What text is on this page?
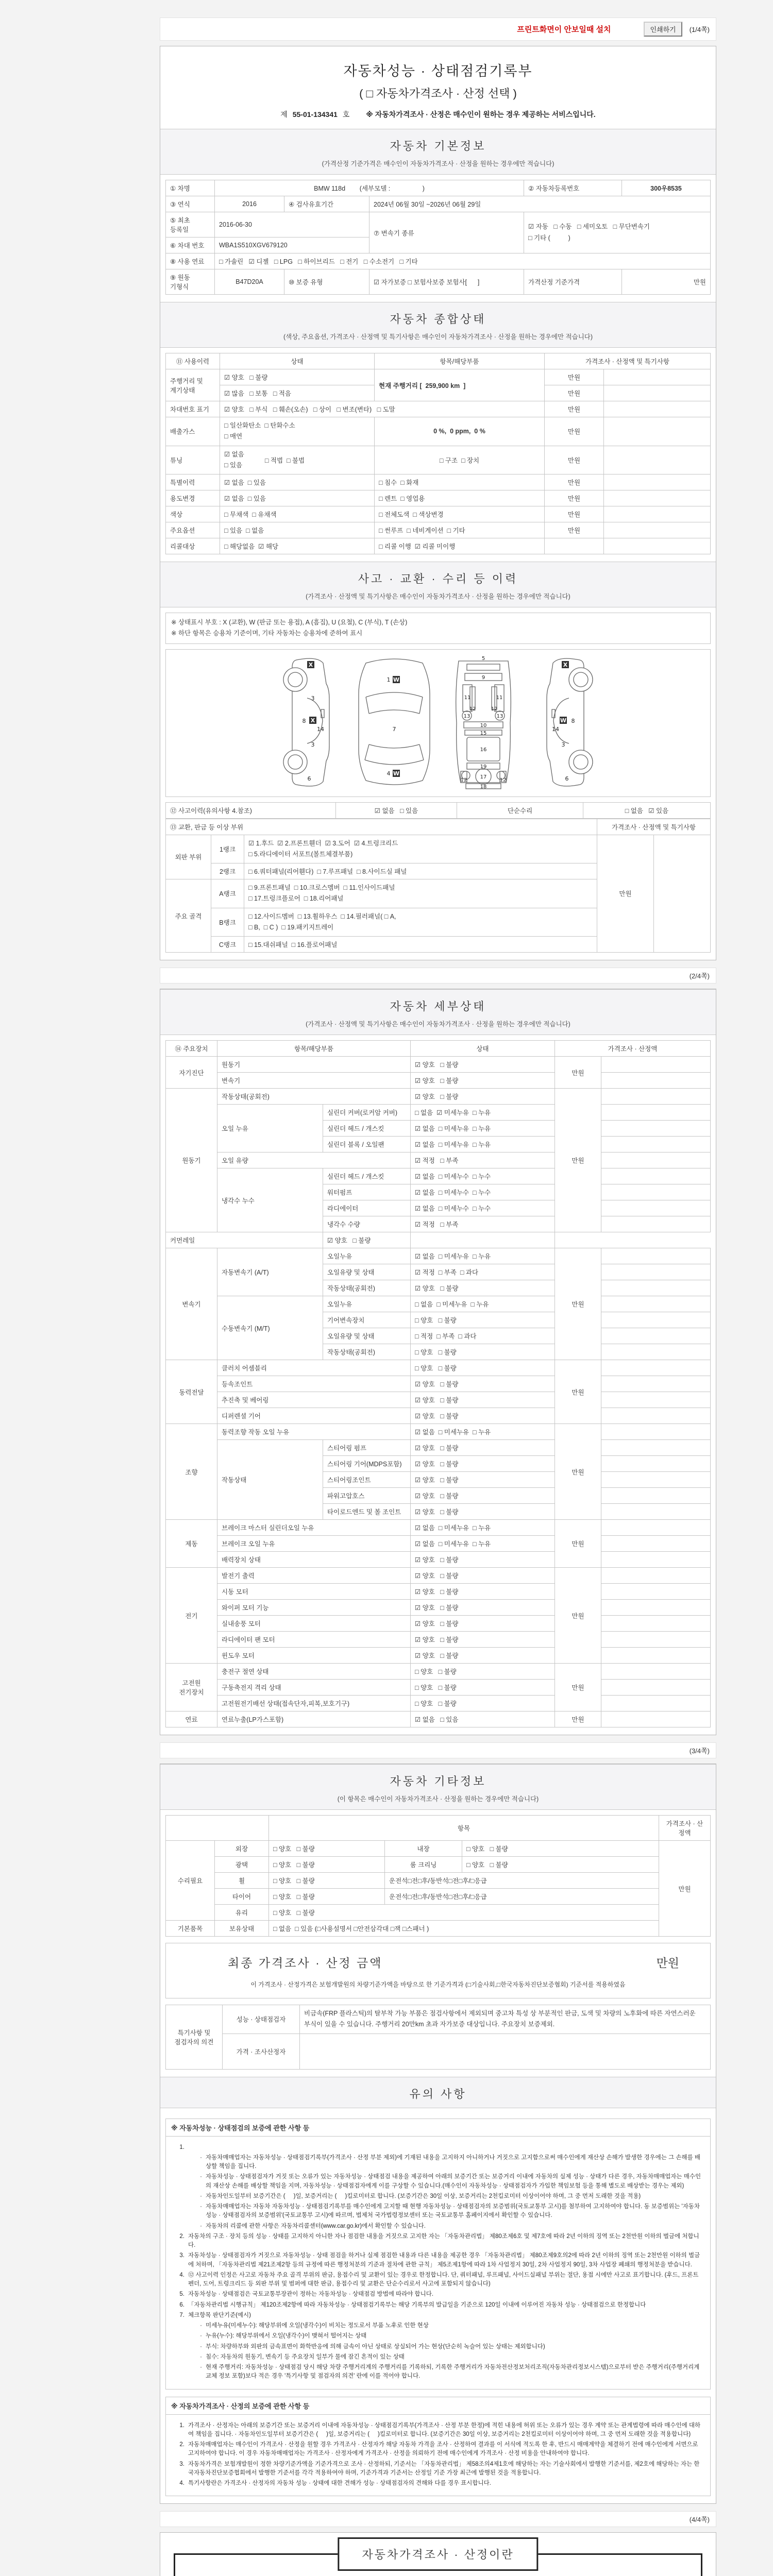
프린트화면이 안보일때 설치	인쇄하기	(1/4쪽)
자동차성능 · 상태점검기록부
( □ 자동차가격조사 · 산정 선택 )
제 55-01-134341 호 ※ 자동차가격조사 · 산정은 매수인이 원하는 경우 제공하는 서비스입니다.
자동차 기본정보
(가격산정 기준가격은 매수인이 자동차가격조사 · 산정을 원하는 경우에만 적습니다)
① 차명	BMW 118d        (세부모델 :                  )			② 자동차등록번호	300우8535
③ 연식	2016	④ 검사유효기간	2024년 06월 30일 ~2026년 06월 29일		
⑤ 최초 등록일	2016-06-30		⑦ 변속기 종류	☑ 자동   □ 수동   □ 세미오토   □ 무단변속기
□ 기타 (          )	

⑥ 차대 번호	WBA1S510XGV679120				
⑧ 사용 연료	□ 가솔린   ☑ 디젤   □ LPG   □ 하이브리드   □ 전기   □ 수소전기   □ 기타				
⑨ 원동 기형식	B47D20A	⑩ 보증 유형	☑ 자가보증 □ 보험사보증 보험사[      ]	가격산정 기준가격	만원
자동차 종합상태
(색상, 주요옵션, 가격조사 · 산정액 및 특기사항은 매수인이 자동차가격조사 · 산정을 원하는 경우에만 적습니다)
⑪ 사용이력	상태	항목/해당부품	가격조사 · 산정액 및 특기사항	
주행거리 및 계기상태	☑ 양호   □ 불량	현재 주행거리 [  259,900 km  ]	만원	
	☑ 많음   □ 보통   □ 적음		만원	
차대번호 표기	☑ 양호   □ 부식   □ 훼손(오손)   □ 상이   □ 변조(변타)   □ 도말		만원	
배출가스	□ 일산화탄소  □ 탄화수소
□ 매연	0 %,  0 ppm,  0 %	만원	
튜닝	☑ 없음
□ 있음
□ 적법  □ 불법	□ 구조  □ 장치	만원	
특별이력	☑ 없음  □ 있음	□ 침수  □ 화재	만원	
용도변경	☑ 없음  □ 있음	□ 렌트  □ 영업용	만원	
색상	□ 무채색  □ 유채색	□ 전체도색  □ 색상변경	만원	
주요옵션	□ 있음  □ 없음	□ 썬루프  □ 네비게이션  □ 기타	만원	
리콜대상	□ 해당없음  ☑ 해당	□ 리콜 이행  ☑ 리콜 미이행		
사고 · 교환 · 수리 등 이력
(가격조사 · 산정액 및 특기사항은 매수인이 자동차가격조사 · 산정을 원하는 경우에만 적습니다)
※ 상태표시 부호 : X (교환), W (판금 또는 용접), A (흠집), U (요철), C (부식), T (손상)
※ 하단 항목은 승용차 기준이며, 기타 자동차는 승용차에 준하여 표시
X
3
8 X
14
3
6
1 W
7
4 W
5
9
11	11
12	12
13	13
10
15
16
19
17
12	12
18
X
8
W
14
3
6
⑫ 사고이력(유의사항 4.참조)	☑ 없음   □ 있음	단순수리	□ 없음   ☑ 있음
⑬ 교환, 판금 등 이상 부위			가격조사 · 산정액 및 특기사항	
외판 부위	1랭크	☑ 1.후드  ☑ 2.프론트휀더  ☑ 3.도어  ☑ 4.트렁크리드
□ 5.라디에이터 서포트(볼트체결부품)	만원	
	2랭크	□ 6.쿼터패널(리어휀다)  □ 7.루프패널  □ 8.사이드실 패널		
주요 골격	A랭크	□ 9.프론트패널  □ 10.크로스멤버  □ 11.인사이드패널
□ 17.트렁크플로어  □ 18.리어패널		

	B랭크	□ 12.사이드멤버  □ 13.휠하우스  □ 14.필러패널( □ A,
□ B,  □ C )  □ 19.패키지트레이		

	C랭크	□ 15.대쉬패널  □ 16.플로어패널		
(2/4쪽)
자동차 세부상태
(가격조사 · 산정액 및 특기사항은 매수인이 자동차가격조사 · 산정을 원하는 경우에만 적습니다)
⑭ 주요장치	항목/해당부품		상태	가격조사 · 산정액	
자기진단	원동기		☑ 양호   □ 불량	만원	
	변속기		☑ 양호   □ 불량		
원동기	작동상태(공회전)		☑ 양호   □ 불량	만원	
	오일 누유	실린더 커버(로커암 커버)	□ 없음  ☑ 미세누유  □ 누유		
		실린더 헤드 / 개스킷	☑ 없음  □ 미세누유  □ 누유		
		실린더 블록 / 오일팬	☑ 없음  □ 미세누유  □ 누유		
	오일 유량		☑ 적정   □ 부족		
	냉각수 누수	실린더 헤드 / 개스킷	☑ 없음  □ 미세누수  □ 누수		
		워터펌프	☑ 없음  □ 미세누수  □ 누수		
		라디에이터	☑ 없음  □ 미세누수  □ 누수		
		냉각수 수량	☑ 적정   □ 부족		
커먼레일		☑ 양호   □ 불량			
변속기	자동변속기 (A/T)	오일누유	☑ 없음  □ 미세누유  □ 누유	만원	
		오일유량 및 상태	☑ 적정  □ 부족  □ 과다		
		작동상태(공회전)	☑ 양호   □ 불량		
	수동변속기 (M/T)	오일누유	□ 없음  □ 미세누유  □ 누유		
		기어변속장치	□ 양호   □ 불량		
		오일유량 및 상태	□ 적정  □ 부족  □ 과다		
		작동상태(공회전)	□ 양호   □ 불량		
동력전달	클러치 어셈블리		□ 양호   □ 불량	만원	
	등속조인트		☑ 양호   □ 불량		
	추진축 및 베어링		☑ 양호   □ 불량		
	디퍼렌셜 기어		☑ 양호   □ 불량		
조향	동력조향 작동 오일 누유		☑ 없음  □ 미세누유  □ 누유	만원	
	작동상태	스티어링 펌프	☑ 양호   □ 불량		
		스티어링 기어(MDPS포함)	☑ 양호   □ 불량		
		스티어링조인트	☑ 양호   □ 불량		
		파워고압호스	☑ 양호   □ 불량		
		타이로드엔드 및 볼 조인트	☑ 양호   □ 불량		
제동	브레이크 마스터 실린더오일 누유		☑ 없음  □ 미세누유  □ 누유	만원	
	브레이크 오일 누유		☑ 없음  □ 미세누유  □ 누유		
	배력장치 상태		☑ 양호   □ 불량		
전기	발전기 출력		☑ 양호   □ 불량	만원	
	시동 모터		☑ 양호   □ 불량		
	와이퍼 모터 기능		☑ 양호   □ 불량		
	실내송풍 모터		☑ 양호   □ 불량		
	라디에이터 팬 모터		☑ 양호   □ 불량		
	윈도우 모터		☑ 양호   □ 불량		
고전원 전기장치	충전구 절연 상태		□ 양호   □ 불량	만원	
	구동축전지 격리 상태		□ 양호   □ 불량		
	고전원전기배선 상태(접속단자,피복,보호기구)		□ 양호   □ 불량		
연료	연료누출(LP가스포함)		☑ 없음   □ 있음	만원	
(3/4쪽)
자동차 기타정보
(이 항목은 매수인이 자동차가격조사 · 산정을 원하는 경우에만 적습니다)
		항목			가격조사 · 산 정액
수리필요	외장	□ 양호   □ 불량	내장	□ 양호   □ 불량	만원
	광택	□ 양호   □ 불량	룸 크리닝	□ 양호   □ 불량	
	휠	□ 양호   □ 불량	운전석□전□후/동반석□전□후/□응급		
	타이어	□ 양호   □ 불량	운전석□전□후/동반석□전□후/□응급		
	유리	□ 양호   □ 불량			
기본품목	보유상태	□ 없음  □ 있음 (□사용설명서 □안전삼각대 □잭 □스패너 )			
최종 가격조사 · 산정 금액	만원
이 가격조사 · 산정가격은 보험개발원의 차량기준가액을 바탕으로 한 기준가격과 (□기술사회,□한국자동차진단보증협회) 기준서를 적용하였음
특기사항 및 점검자의 의견	성능 · 상태점검자	비금속(FRP 플라스틱)의 탈부착 가능 부품은 점검사항에서 제외되며 중고차 특성 상 부분적인 판금, 도색 및 차량의 노후화에 따른 자연스러운 부식이 있을 수 있습니다. 주행거리 20만km 초과 자가보증 대상입니다. 주요장치 보증제외.
	가격 · 조사산정자	
유의 사항
※ 자동차성능 · 상태점검의 보증에 관한 사항 등
1.
· 자동차매매업자는 자동차성능 · 상태점검기록부(가격조사 · 산정 부분 제외)에 기재된 내용을 고지하지 아니하거나 거짓으로 고지함으로써 매수인에게 재산상 손해가 발생한 경우에는 그 손해를 배상할 책임을 집니다.
· 자동차성능 · 상태점검자가 거짓 또는 오류가 있는 자동차성능 · 상태점검 내용을 제공하여 아래의 보증기간 또는 보증거리 이내에 자동차의 실제 성능 · 상태가 다른 경우, 자동차매매업자는 매수인의 재산상 손해를 배상할 책임을 지며, 자동차성능 · 상태점검자에게 이를 구상할 수 있습니다.(매수인이 자동차성능 · 상태점검자가 가입한 책임보험 등을 통해 별도로 배상받는 경우는 제외)
· 자동차인도일부터 보증기간은 (     )일, 보증거리는 (     )킬로미터로 합니다. (보증기간은 30일 이상, 보증거리는 2천킬로미터 이상이어야 하며, 그 중 먼저 도래한 것을 적용)
· 자동차매매업자는 자동차 자동차성능 · 상태점검기록부를 매수인에게 고지할 때 현행 자동차성능 · 상태점검자의 보증범위(국토교통부 고시)를 첨부하여 고지하여야 합니다. 동 보증범위는 '자동차성능 · 상태점검자의 보증범위'(국토교통부 고시)에 따르며, 법제처 국가법령정보센터 또는 국토교통부 홈페이지에서 확인할 수 있습니다.
· 자동차의 리콜에 관한 사항은 자동차리콜센터(www.car.go.kr)에서 확인할 수 있습니다.
2. 자동차의 구조 · 장치 등의 성능 · 상태를 고지하지 아니한 자나 점검한 내용을 거짓으로 고지한 자는 「자동차관리법」 제80조제6호 및 제7호에 따라 2년 이하의 징역 또는 2천만원 이하의 벌금에 처합니다.
3. 자동차성능 · 상태점검자가 거짓으로 자동차성능 · 상태 점검을 하거나 실제 점검한 내용과 다른 내용을 제공한 경우 「자동차관리법」 제80조제9호의2에 따라 2년 이하의 징역 또는 2천만원 이하의 벌금에 처하며, 「자동차관리법 제21조제2항 등의 규정에 따른 행정처분의 기준과 절차에 관한 규칙」 제5조제1항에 따라 1차 사업정지 30일, 2차 사업정지 90일, 3차 사업장 폐쇄의 행정처분을 받습니다.
4. ⑫ 사고이력 인정은 사고로 자동차 주요 골격 부위의 판금, 용접수리 및 교환이 있는 경우로 한정합니다. 단, 쿼터패널, 루프패널, 사이드실패널 부위는 절단, 용접 시에만 사고로 표기합니다. (후드, 프론트펜더, 도어, 트렁크리드 등 외판 부위 및 범퍼에 대한 판금, 용접수리 및 교환은 단순수리로서 사고에 포함되지 않습니다)
5. 자동차성능 · 상태점검은 국토교통부장관이 정하는 자동차성능 · 상태점검 방법에 따라야 합니다.
6. 「자동차관리법 시행규칙」 제120조제2항에 따라 자동차성능 · 상태점검기록부는 해당 기록부의 발급일을 기준으로 120일 이내에 이루어진 자동차 성능 · 상태점검으로 한정합니다
7. 체크항목 판단기준(예시)
· 미세누유(미세누수): 해당부위에 오일(냉각수)이 비치는 정도로서 부품 노후로 인한 현상
· 누유(누수): 해당부위에서 오일(냉각수)이 맺혀서 떨어지는 상태
· 부식: 차량하부와 외판의 금속표면이 화학반응에 의해 금속이 아닌 상태로 상실되어 가는 현상(단순히 녹슬어 있는 상태는 제외합니다)
· 침수: 자동차의 원동기, 변속기 등 주요장치 일부가 물에 잠긴 흔적이 있는 상태
· 현재 주행거리: 자동차성능 · 상태점검 당시 해당 차량 주행거리계의 주행거리를 기록하되, 기록한 주행거리가 자동차전산정보처리조직(자동차관리정보시스템)으로부터 받은 주행거리(주행거리계 교체 정보 포함)보다 적은 경우 '특기사항 및 점검자의 의견' 란에 이를 적어야 합니다.
※ 자동차가격조사 · 산정의 보증에 관한 사항 등
1. 가격조사 · 산정자는 아래의 보증기간 또는 보증거리 이내에 자동차성능 · 상태점검기록부(가격조사 · 산정 부분 한정)에 적힌 내용에 허위 또는 오류가 있는 경우 계약 또는 관계법령에 따라 매수인에 대하여 책임을 집니다. · 자동차인도일부터 보증기간은 (     )일, 보증거리는 (     )킬로미터로 합니다. (보증기간은 30일 이상, 보증거리는 2천킬로미터 이상이어야 하며, 그 중 먼저 도래한 것을 적용합니다)
2. 자동차매매업자는 매수인이 가격조사 · 산정을 원할 경우 가격조사 · 산정자가 해당 자동차 가격을 조사 · 산정하여 결과를 이 서식에 적도록 한 후, 반드시 매매계약을 체결하기 전에 매수인에게 서면으로 고지하여야 합니다. 이 경우 자동차매매업자는 가격조사 · 산정자에게 가격조사 · 산정을 의뢰하기 전에 매수인에게 가격조사 · 산정 비용을 안내하여야 합니다.
3. 자동차가격은 보험개발원이 정한 차량기준가액을 기준가격으로 조사 · 산정하되, 기준서는 「자동차관리법」 제58조의4제1호에 해당하는 자는 기술사회에서 발행한 기준서를, 제2호에 해당하는 자는 한국자동차진단보증협회에서 발행한 기준서를 각각 적용하여야 하며, 기준가격과 기준서는 산정일 기준 가장 최근에 발행된 것을 적용합니다.
4. 특기사항란은 가격조사 · 산정자의 자동차 성능 · 상태에 대한 견해가 성능 · 상태점검자의 견해와 다를 경우 표시합니다.
(4/4쪽)
자동차가격조사 · 산정이란
